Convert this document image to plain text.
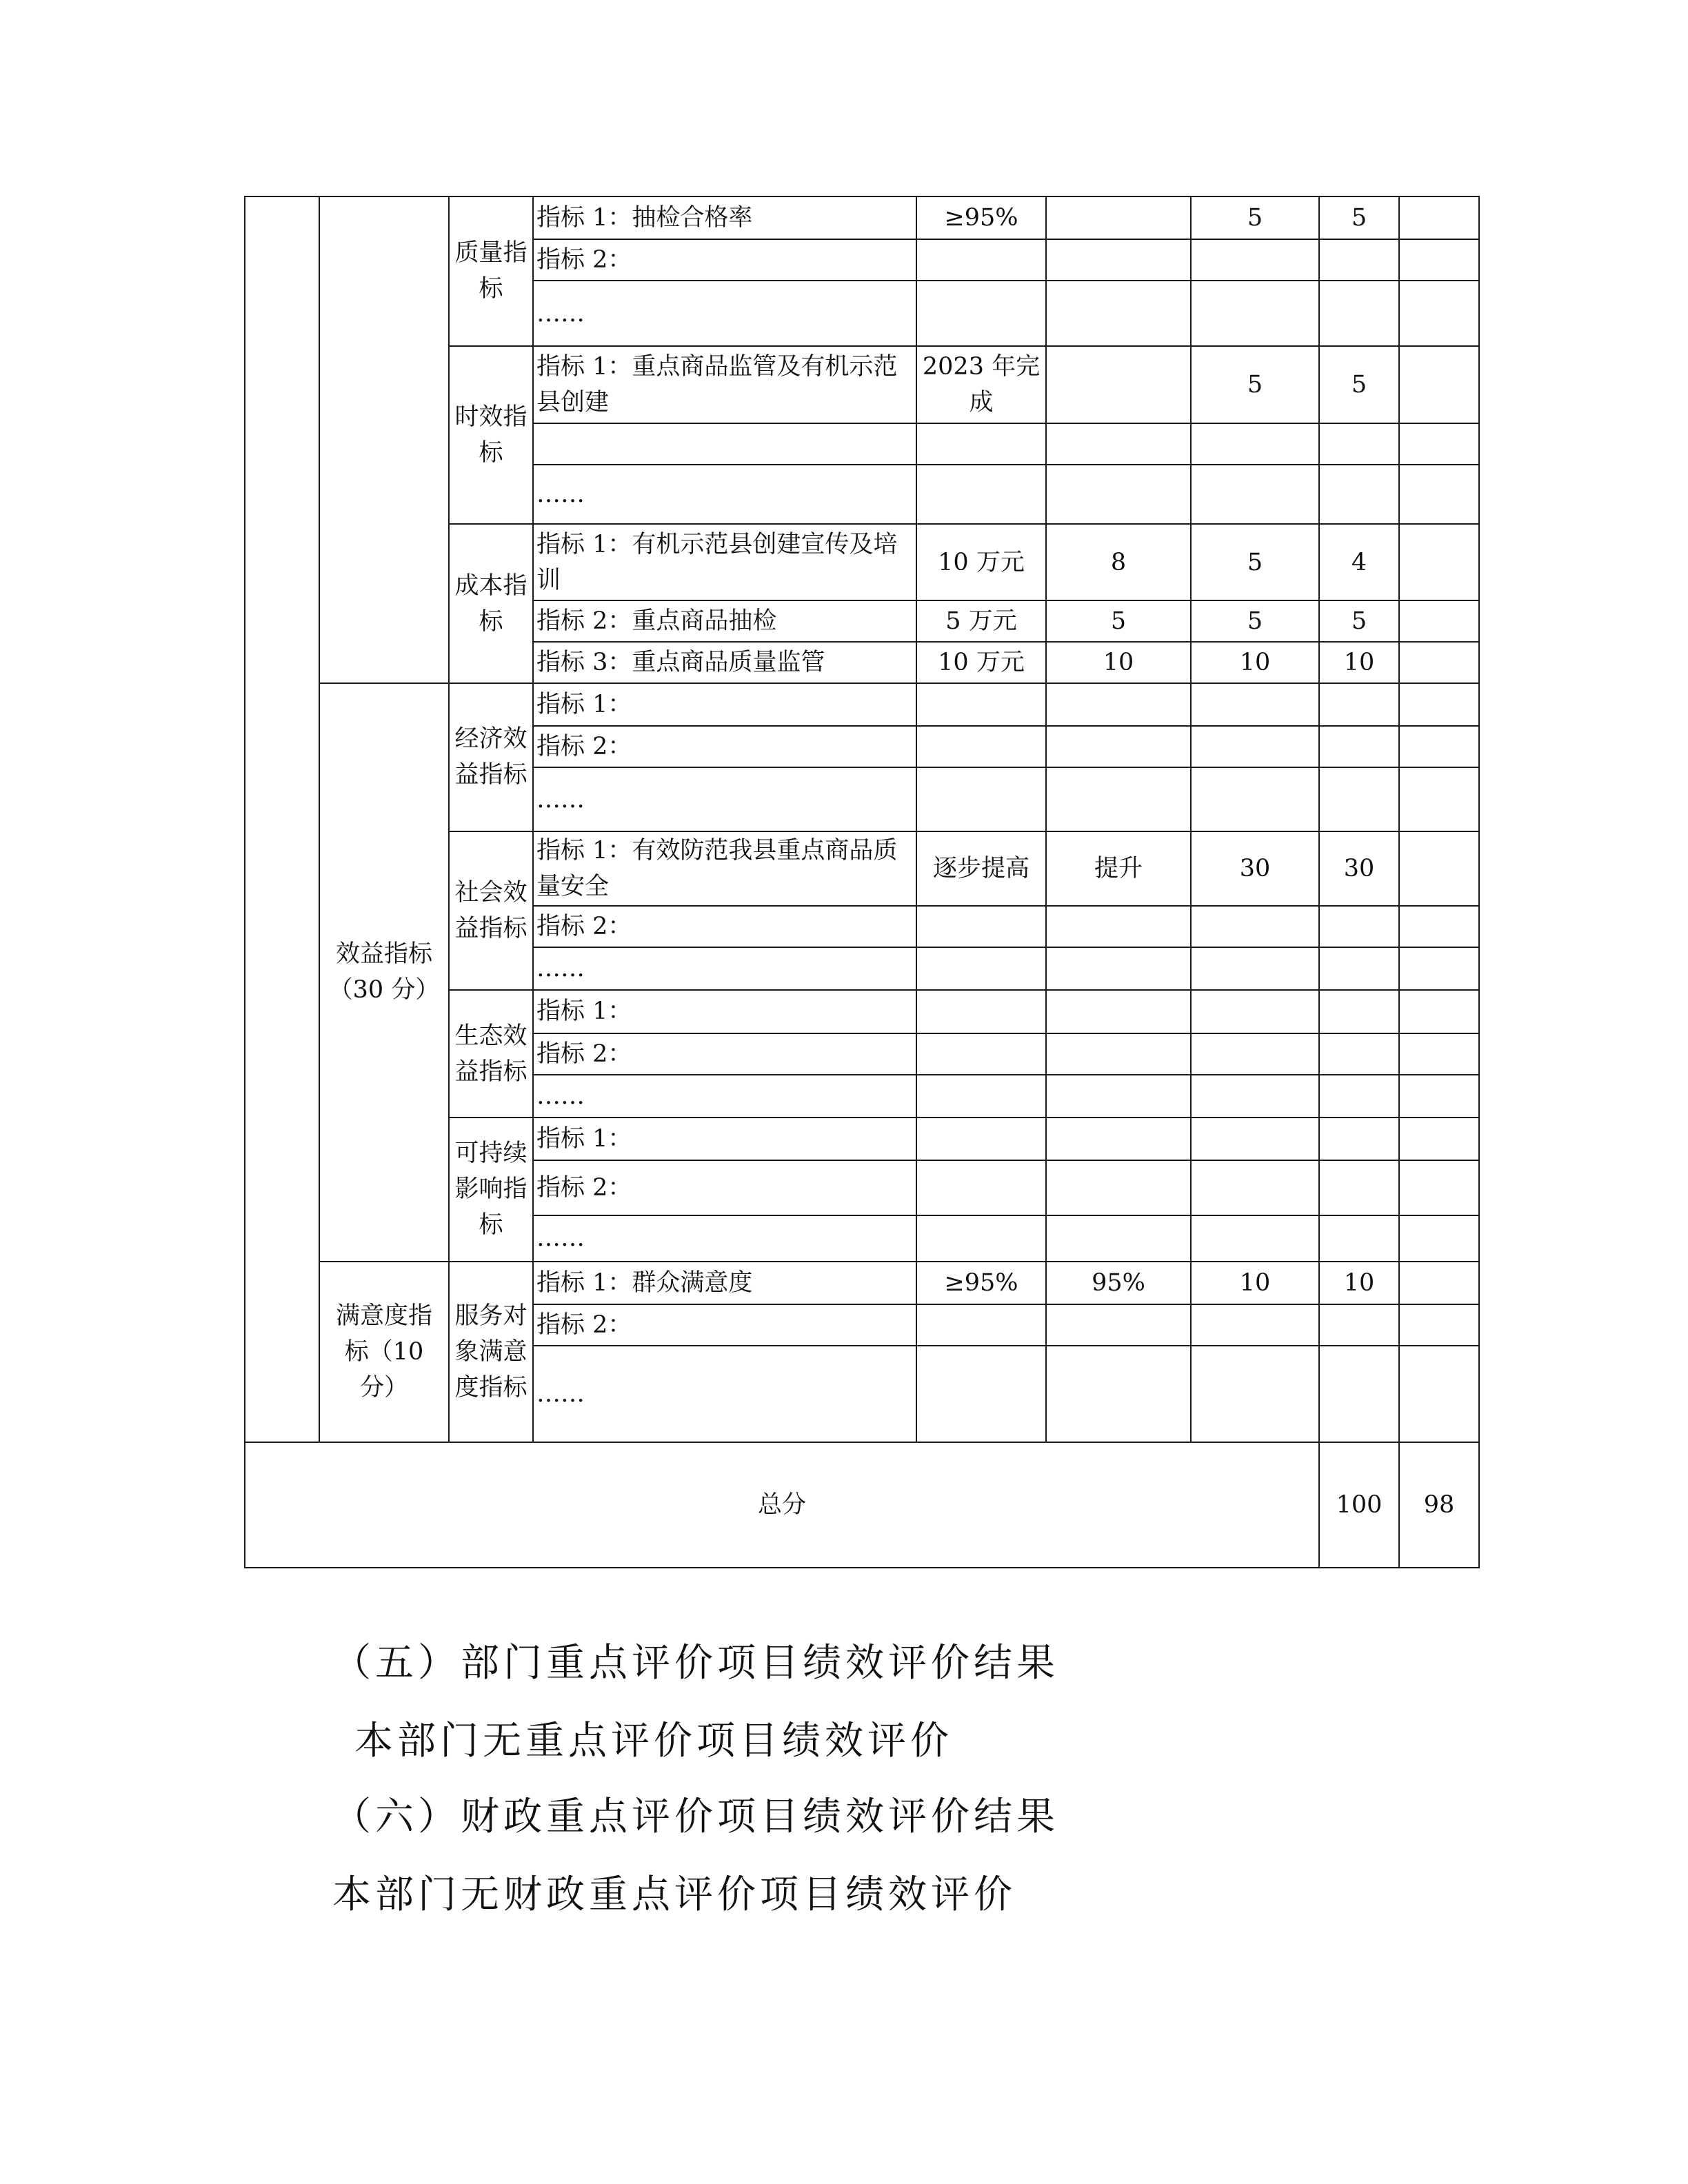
		质量指标	指标 1：抽检合格率	≥95%		5	5		
			指标 2：						
			……						
		时效指标	指标 1：重点商品监管及有机示范县创建	2023 年完成		5	5		

			……						
		成本指标	指标 1：有机示范县创建宣传及培训	10 万元	8	5	4		
			指标 2：重点商品抽检	5 万元	5	5	5		
			指标 3：重点商品质量监管	10 万元	10	10	10		
	效益指标（30 分）	经济效益指标	指标 1：						
			指标 2：						
			……						
		社会效益指标	指标 1：有效防范我县重点商品质量安全	逐步提高	提升	30	30		
			指标 2：						
			……						
		生态效益指标	指标 1：						
			指标 2：						
			……						
		可持续影响指标	指标 1：						
			指标 2：						
			……						
	满意度指标（10 分）	服务对象满意度指标	指标 1：群众满意度	≥95%	95%	10	10		
			指标 2：						
			……						
总分							100	98	

（五）部门重点评价项目绩效评价结果

本部门无重点评价项目绩效评价

（六）财政重点评价项目绩效评价结果

本部门无财政重点评价项目绩效评价
